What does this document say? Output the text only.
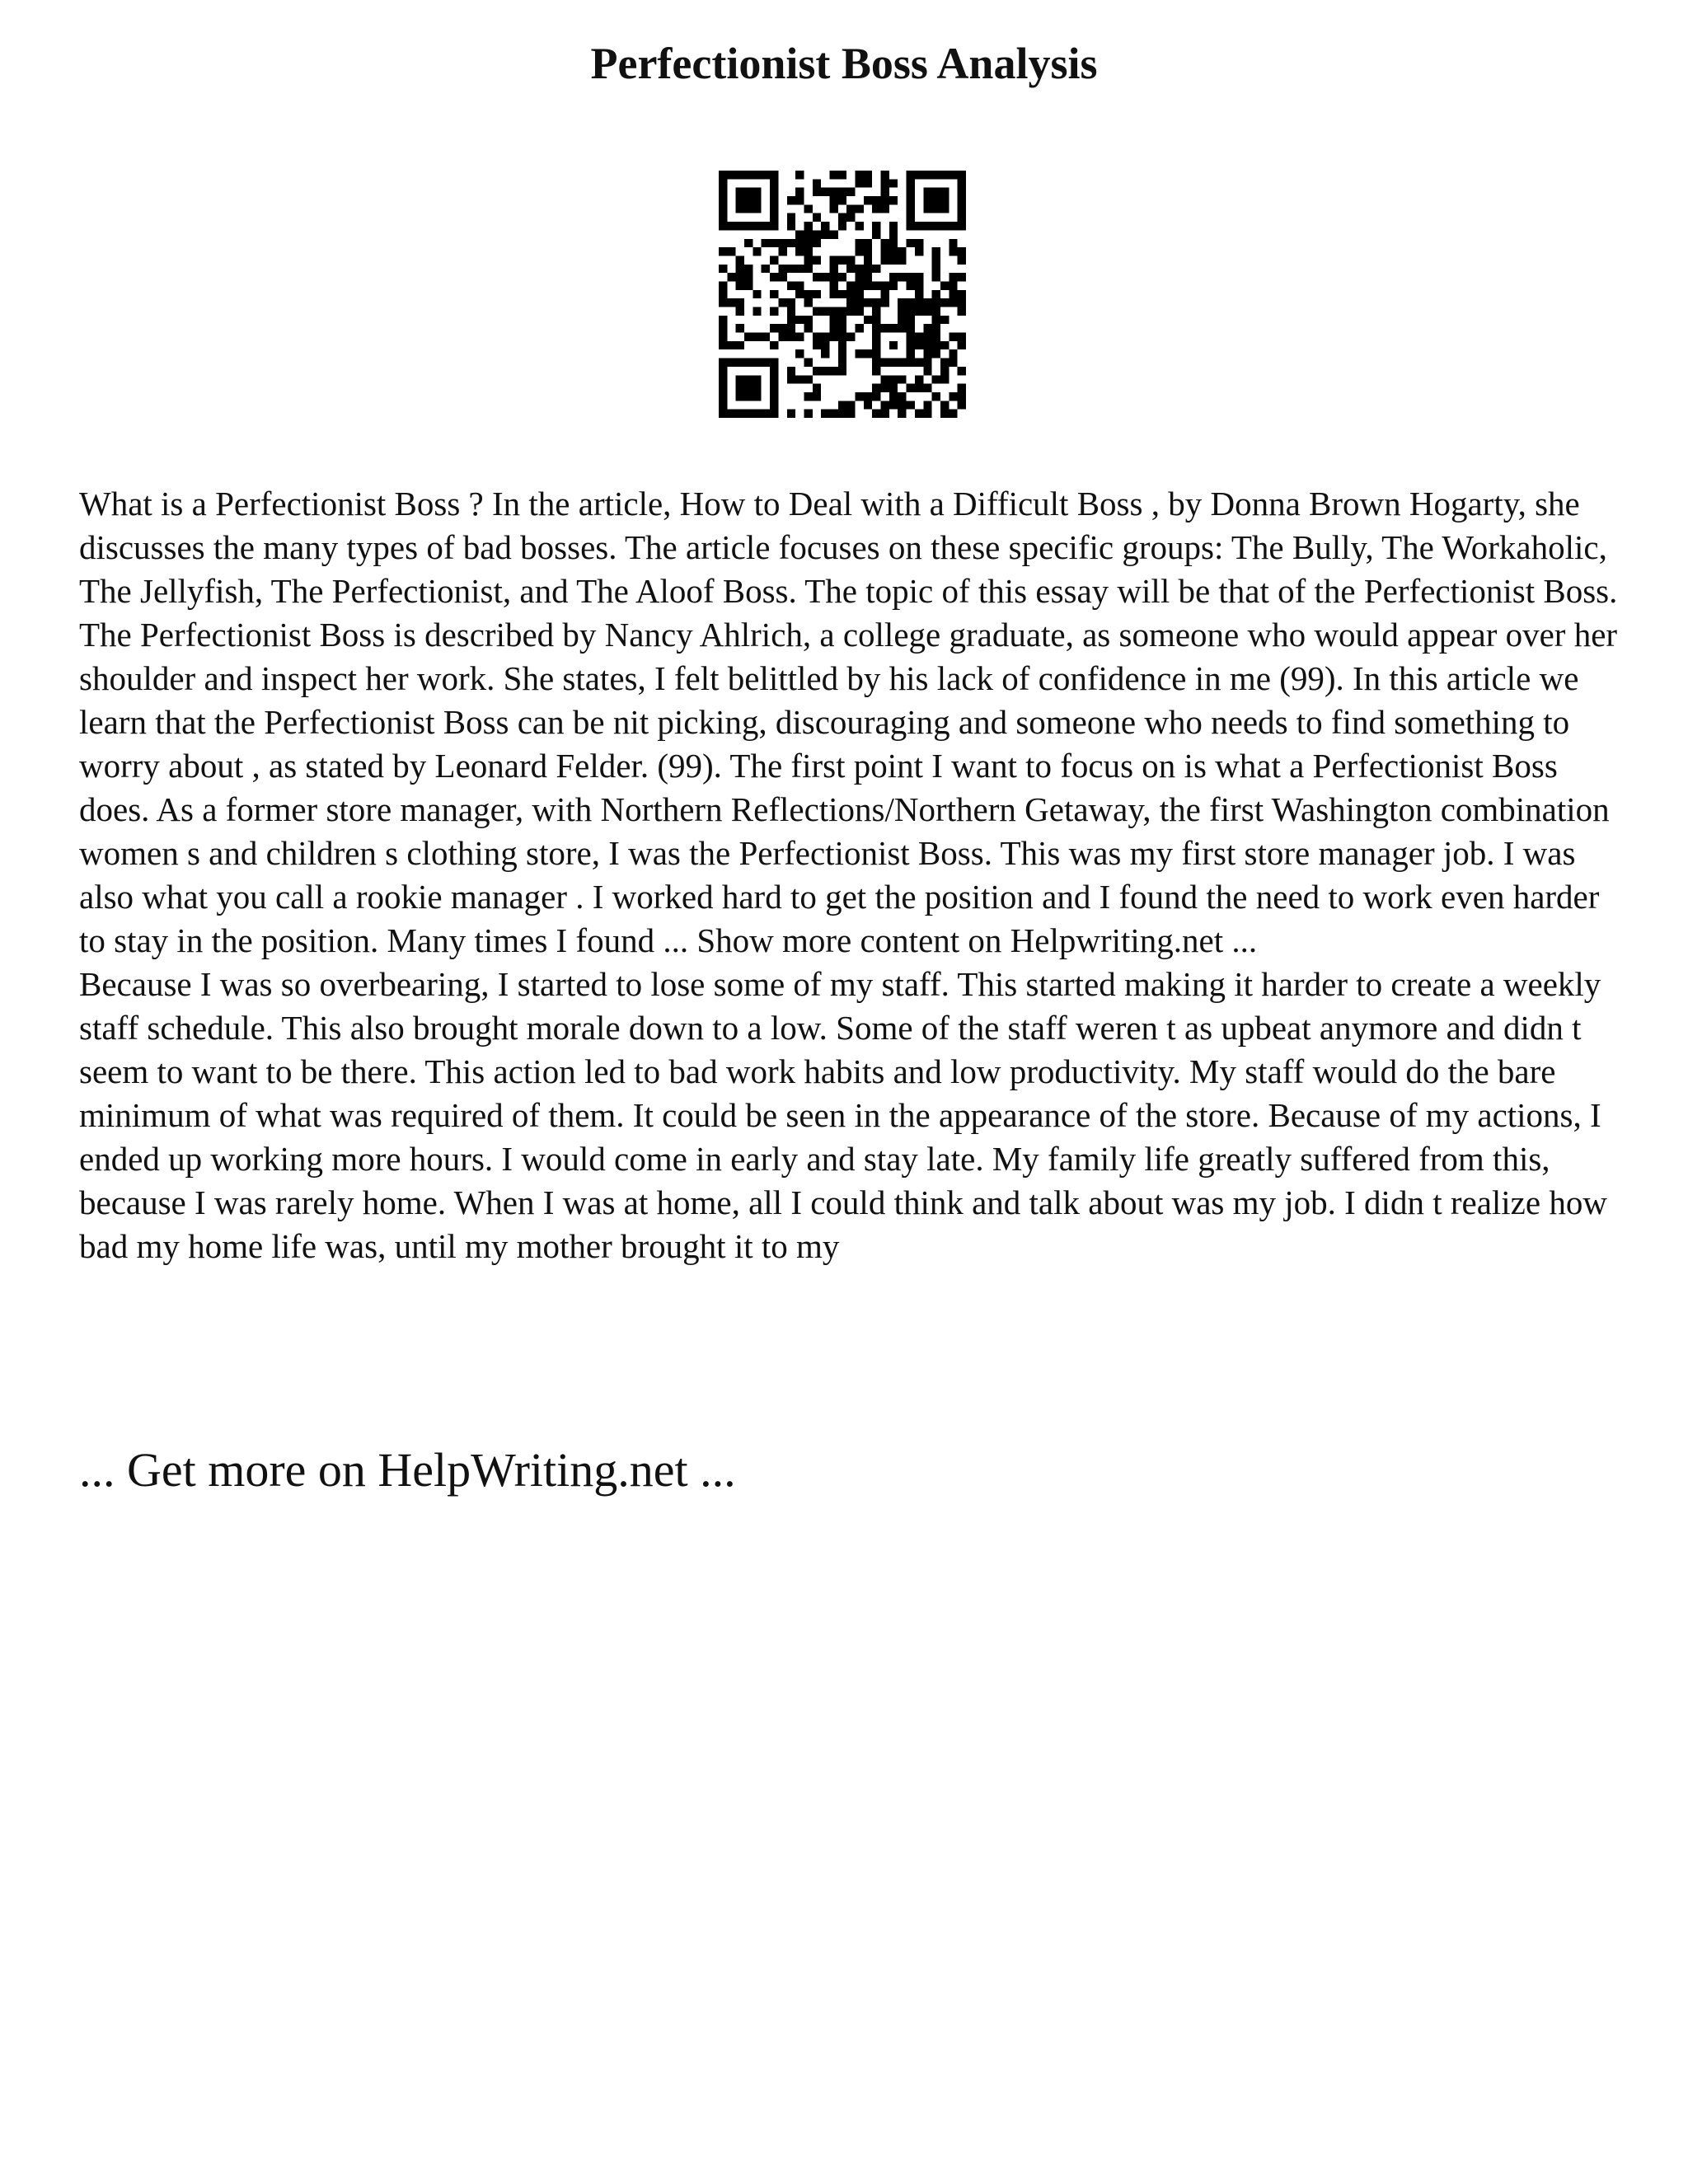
Perfectionist Boss Analysis

What is a Perfectionist Boss ? In the article, How to Deal with a Difficult Boss , by Donna Brown Hogarty, she discusses the many types of bad bosses. The article focuses on these specific groups: The Bully, The Workaholic, The Jellyfish, The Perfectionist, and The Aloof Boss. The topic of this essay will be that of the Perfectionist Boss. The Perfectionist Boss is described by Nancy Ahlrich, a college graduate, as someone who would appear over her shoulder and inspect her work. She states, I felt belittled by his lack of confidence in me (99). In this article we learn that the Perfectionist Boss can be nit picking, discouraging and someone who needs to find something to worry about , as stated by Leonard Felder. (99). The first point I want to focus on is what a Perfectionist Boss does. As a former store manager, with Northern Reflections/Northern Getaway, the first Washington combination women s and children s clothing store, I was the Perfectionist Boss. This was my first store manager job. I was also what you call a rookie manager . I worked hard to get the position and I found the need to work even harder to stay in the position. Many times I found ... Show more content on Helpwriting.net ...

Because I was so overbearing, I started to lose some of my staff. This started making it harder to create a weekly staff schedule. This also brought morale down to a low. Some of the staff weren t as upbeat anymore and didn t seem to want to be there. This action led to bad work habits and low productivity. My staff would do the bare minimum of what was required of them. It could be seen in the appearance of the store. Because of my actions, I ended up working more hours. I would come in early and stay late. My family life greatly suffered from this, because I was rarely home. When I was at home, all I could think and talk about was my job. I didn t realize how bad my home life was, until my mother brought it to my

... Get more on HelpWriting.net ...
